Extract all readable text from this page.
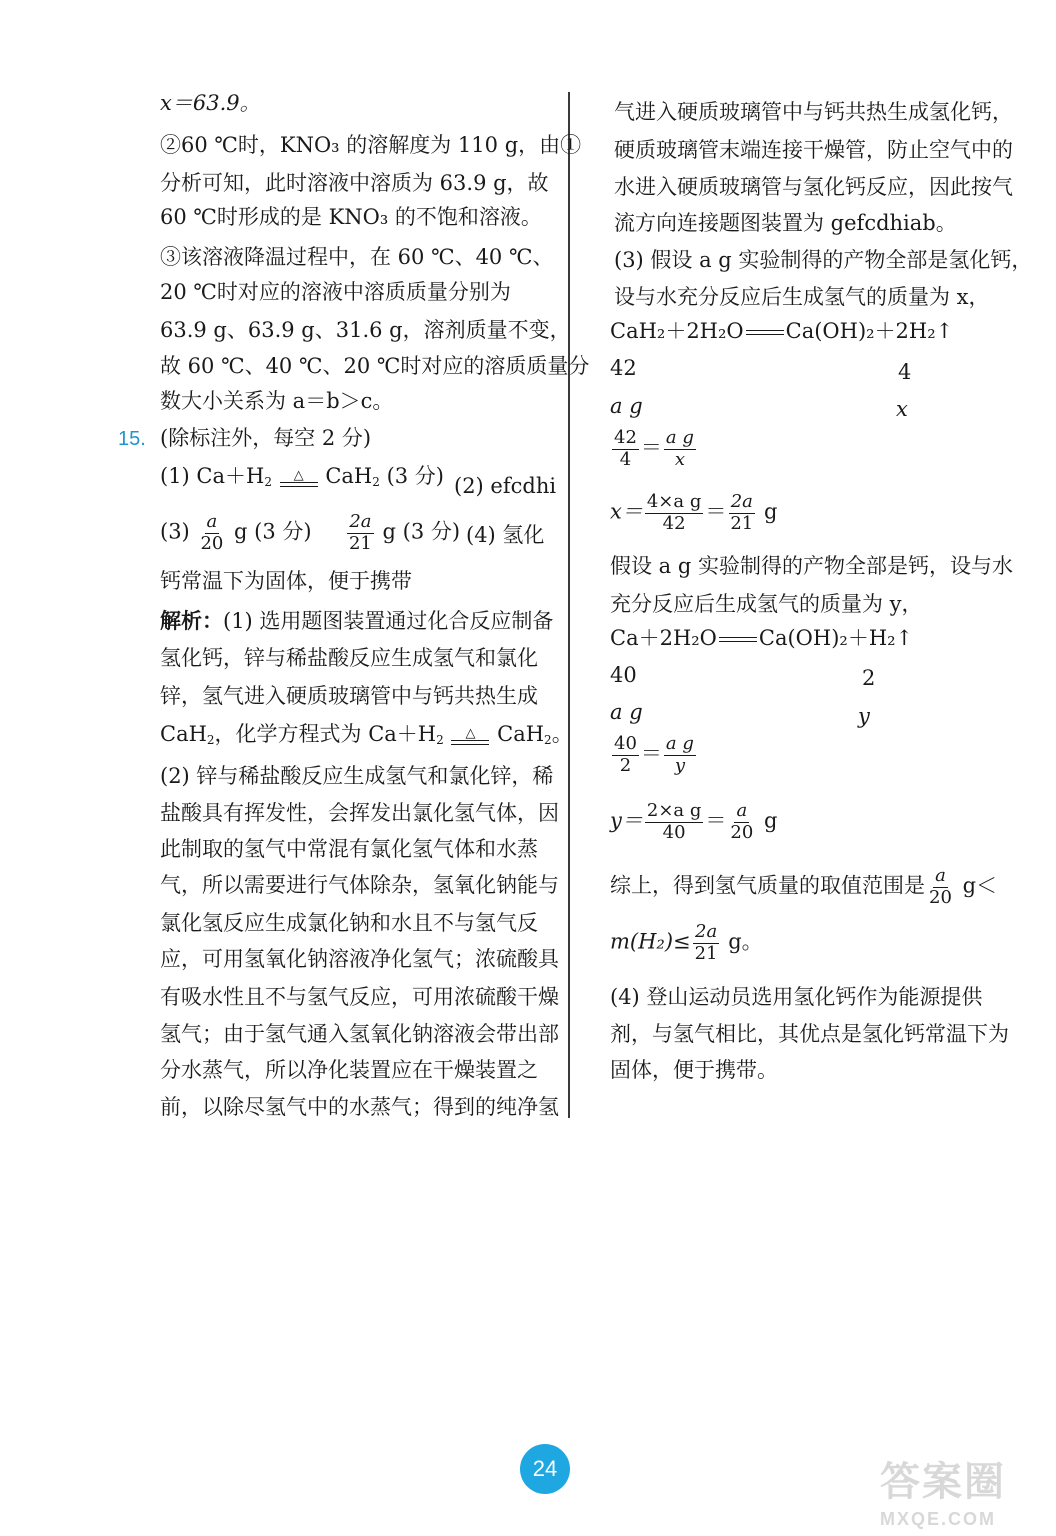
x＝63.9。
②60 ℃时，KNO₃ 的溶解度为 110 g，由①
分析可知，此时溶液中溶质为 63.9 g，故
60 ℃时形成的是 KNO₃ 的不饱和溶液。
③该溶液降温过程中，在 60 ℃、40 ℃、
20 ℃时对应的溶液中溶质质量分别为
63.9 g、63.9 g、31.6 g，溶剂质量不变，
故 60 ℃、40 ℃、20 ℃时对应的溶质质量分
数大小关系为 a＝b＞c。
15. (除标注外，每空 2 分)
(1) $Ca+H_2$ △ CaH$_2$ (3 分) (2) efcdhi
$(3) \frac{a}{20}$ g (3 分) $\frac{2a}{21}$ g (3 分) (4) 氢化
钙常温下为固体，便于携带
解析：(1) 选用题图装置通过化合反应制备
氢化钙，锌与稀盐酸反应生成氢气和氯化
锌，氢气进入硬质玻璃管中与钙共热生成
CaH$_2$，化学方程式为 $Ca+H_2$ △ CaH$_2$。
(2) 锌与稀盐酸反应生成氢气和氯化锌，稀
盐酸具有挥发性，会挥发出氯化氢气体，因
此制取的氢气中常混有氯化氢气体和水蒸
气，所以需要进行气体除杂，氢氧化钠能与
氯化氢反应生成氯化钠和水且不与氢气反
应，可用氢氧化钠溶液净化氢气；浓硫酸具
有吸水性且不与氢气反应，可用浓硫酸干燥
氢气；由于氢气通入氢氧化钠溶液会带出部
分水蒸气，所以净化装置应在干燥装置之
前，以除尽氢气中的水蒸气；得到的纯净氢
气进入硬质玻璃管中与钙共热生成氢化钙，
硬质玻璃管末端连接干燥管，防止空气中的
水进入硬质玻璃管与氢化钙反应，因此按气
流方向连接题图装置为 gefcdhiab。
(3) 假设 a g 实验制得的产物全部是氢化钙，
设与水充分反应后生成氢气的质量为 x，
CaH₂＋2H₂O Ca(OH)₂＋2H₂↑
42	4
a g	x
$\frac{42}{4} = \frac{\text{a g}}{x}$
$x= \frac{\text{4×a g}}{42} = \frac{2a}{21}$ g
假设 a g 实验制得的产物全部是钙，设与水
充分反应后生成氢气的质量为 y，
Ca＋2H₂O Ca(OH)₂＋H₂↑
40	2
a g	y
$\frac{40}{2} = \frac{\text{a g}}{y}$
$y= \frac{\text{2×a g}}{40} = \frac{a}{20}$ g
综上，得到氢气质量的取值范围是 $\frac{a}{20} g<$
$m(H_2)\le \frac{2a}{21}$ g。
(4) 登山运动员选用氢化钙作为能源提供
剂，与氢气相比，其优点是氢化钙常温下为
固体，便于携带。
24	答案圈
MXQE.COM
